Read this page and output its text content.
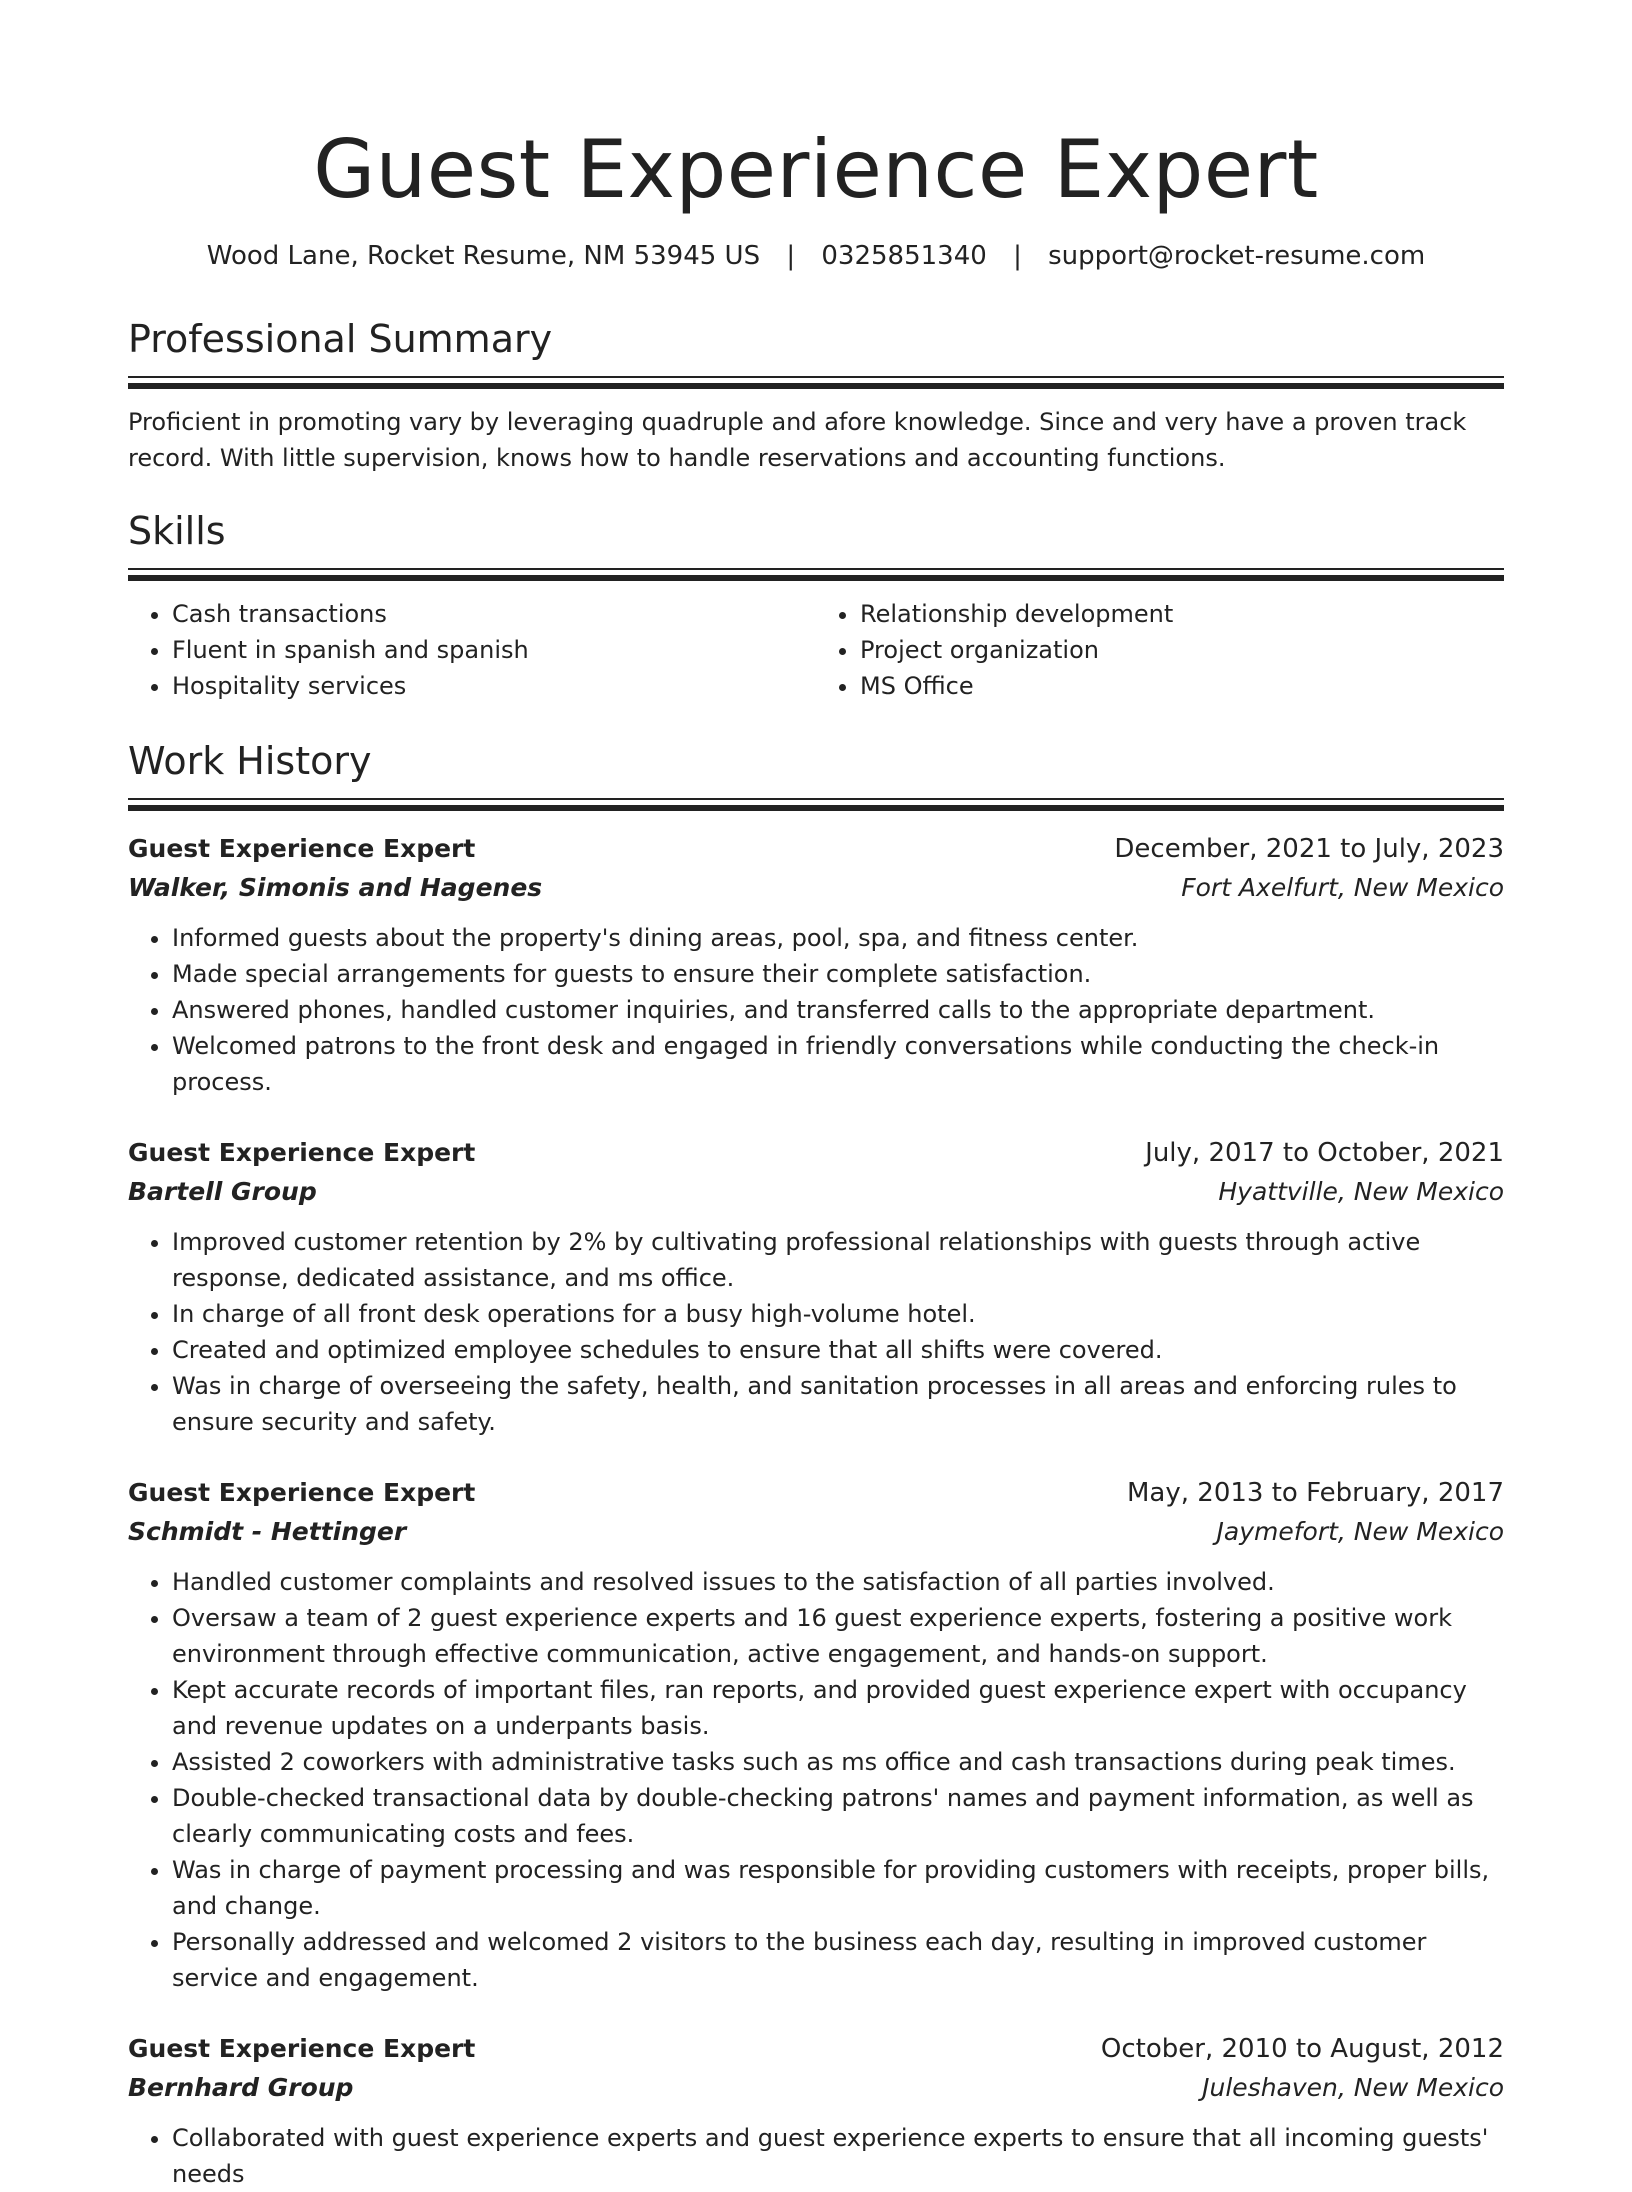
Guest Experience Expert
Wood Lane, Rocket Resume, NM 53945 US | 0325851340 | support@rocket-resume.com
Professional Summary

Proficient in promoting vary by leveraging quadruple and afore knowledge. Since and very have a proven track record. With little supervision, knows how to handle reservations and accounting functions.

Skills
• Cash transactions
• Fluent in spanish and spanish
• Hospitality services
• Relationship development
• Project organization
• MS Office
Work History
Guest Experience Expert	December, 2021 to July, 2023
Walker, Simonis and Hagenes	Fort Axelfurt, New Mexico
• Informed guests about the property's dining areas, pool, spa, and fitness center.
• Made special arrangements for guests to ensure their complete satisfaction.
• Answered phones, handled customer inquiries, and transferred calls to the appropriate department.
• Welcomed patrons to the front desk and engaged in friendly conversations while conducting the check-in process.
Guest Experience Expert	July, 2017 to October, 2021
Bartell Group	Hyattville, New Mexico
• Improved customer retention by 2% by cultivating professional relationships with guests through active response, dedicated assistance, and ms office.
• In charge of all front desk operations for a busy high-volume hotel.
• Created and optimized employee schedules to ensure that all shifts were covered.
• Was in charge of overseeing the safety, health, and sanitation processes in all areas and enforcing rules to ensure security and safety.
Guest Experience Expert	May, 2013 to February, 2017
Schmidt - Hettinger	Jaymefort, New Mexico
• Handled customer complaints and resolved issues to the satisfaction of all parties involved.
• Oversaw a team of 2 guest experience experts and 16 guest experience experts, fostering a positive work environment through effective communication, active engagement, and hands-on support.
• Kept accurate records of important files, ran reports, and provided guest experience expert with occupancy and revenue updates on a underpants basis.
• Assisted 2 coworkers with administrative tasks such as ms office and cash transactions during peak times.
• Double-checked transactional data by double-checking patrons' names and payment information, as well as clearly communicating costs and fees.
• Was in charge of payment processing and was responsible for providing customers with receipts, proper bills, and change.
• Personally addressed and welcomed 2 visitors to the business each day, resulting in improved customer service and engagement.
Guest Experience Expert	October, 2010 to August, 2012
Bernhard Group	Juleshaven, New Mexico
• Collaborated with guest experience experts and guest experience experts to ensure that all incoming guests' needs
